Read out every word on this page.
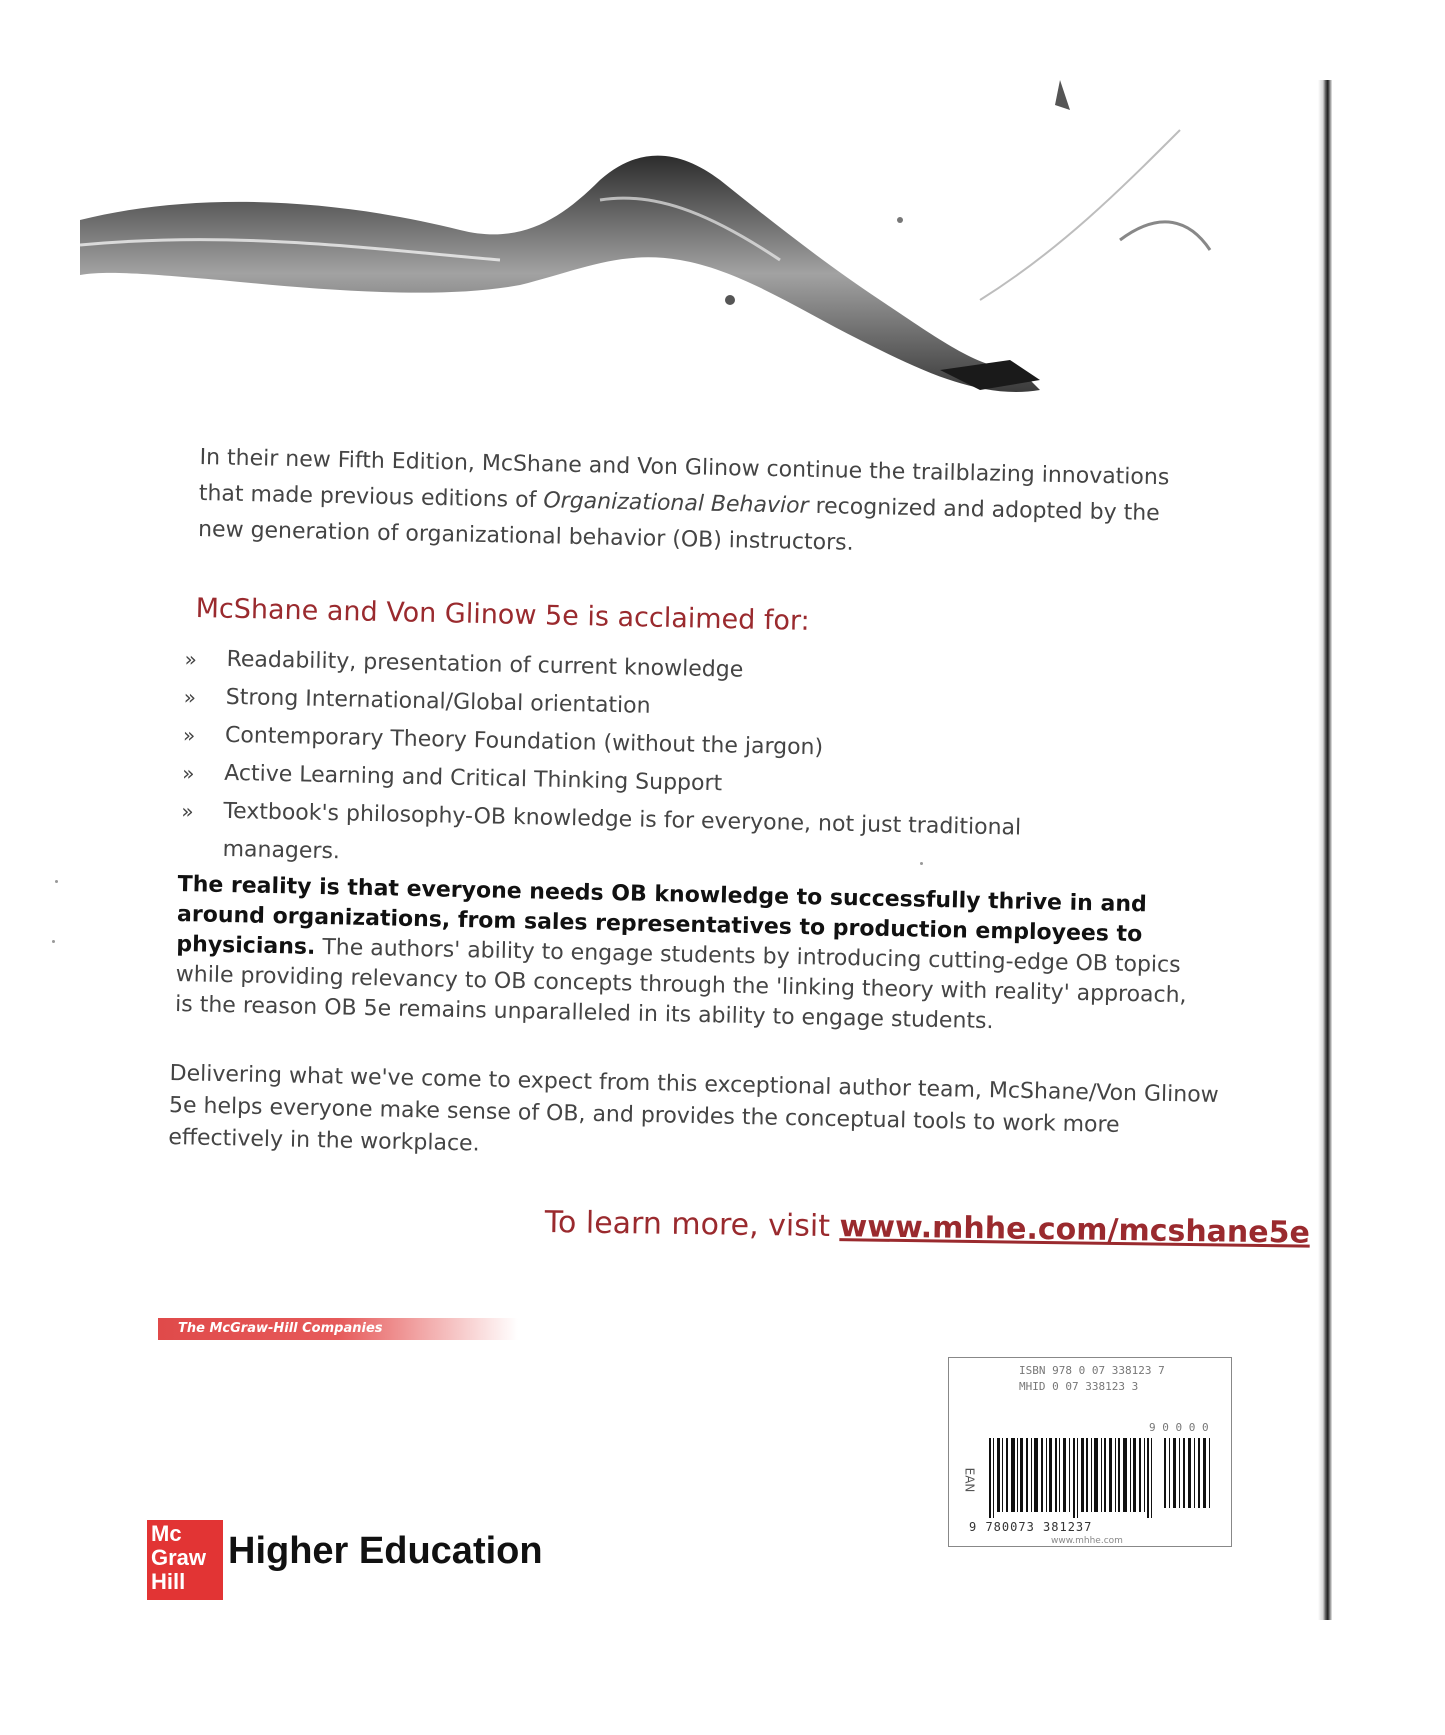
In their new Fifth Edition, McShane and Von Glinow continue the trailblazing innovations that made previous editions of Organizational Behavior recognized and adopted by the new generation of organizational behavior (OB) instructors.

McShane and Von Glinow 5e is acclaimed for:
»	Readability, presentation of current knowledge
»	Strong International/Global orientation
»	Contemporary Theory Foundation (without the jargon)
»	Active Learning and Critical Thinking Support
»	Textbook's philosophy-OB knowledge is for everyone, not just traditional managers.

The reality is that everyone needs OB knowledge to successfully thrive in and around organizations, from sales representatives to production employees to physicians. The authors' ability to engage students by introducing cutting-edge OB topics while providing relevancy to OB concepts through the 'linking theory with reality' approach, is the reason OB 5e remains unparalleled in its ability to engage students.

Delivering what we've come to expect from this exceptional author team, McShane/Von Glinow 5e helps everyone make sense of OB, and provides the conceptual tools to work more effectively in the workplace.

To learn more, visit www.mhhe.com/mcshane5e
The McGraw-Hill Companies
ISBN 978 0 07 338123 7
MHID 0 07 338123 3
9 0 0 0 0
EAN
9 780073 381237
www.mhhe.com
Mc
Graw
Hill
Higher Education
